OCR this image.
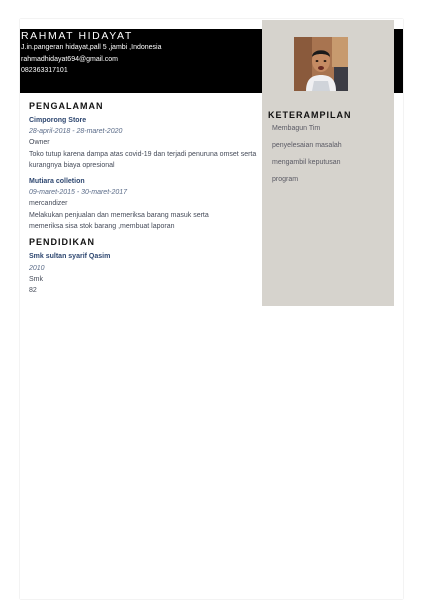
RAHMAT HIDAYAT

J.in.pangeran hidayat,pall 5 ,jambi ,Indonesia

rahmadhidayat694@gmail.com

082363317101

PENGALAMAN

Cimporong Store

28-april-2018 - 28-maret-2020

Owner

Toko tutup karena dampa atas covid-19 dan terjadi penuruna omset serta kurangnya biaya opresional

Mutiara colletion

09-maret-2015 - 30-maret-2017

mercandizer

Melakukan penjualan dan memeriksa barang masuk serta memeriksa sisa stok barang ,membuat laporan

PENDIDIKAN

Smk sultan syarif Qasim

2010

Smk

82

KETERAMPILAN
Membagun Tim
penyelesaian masalah
mengambil keputusan
program
